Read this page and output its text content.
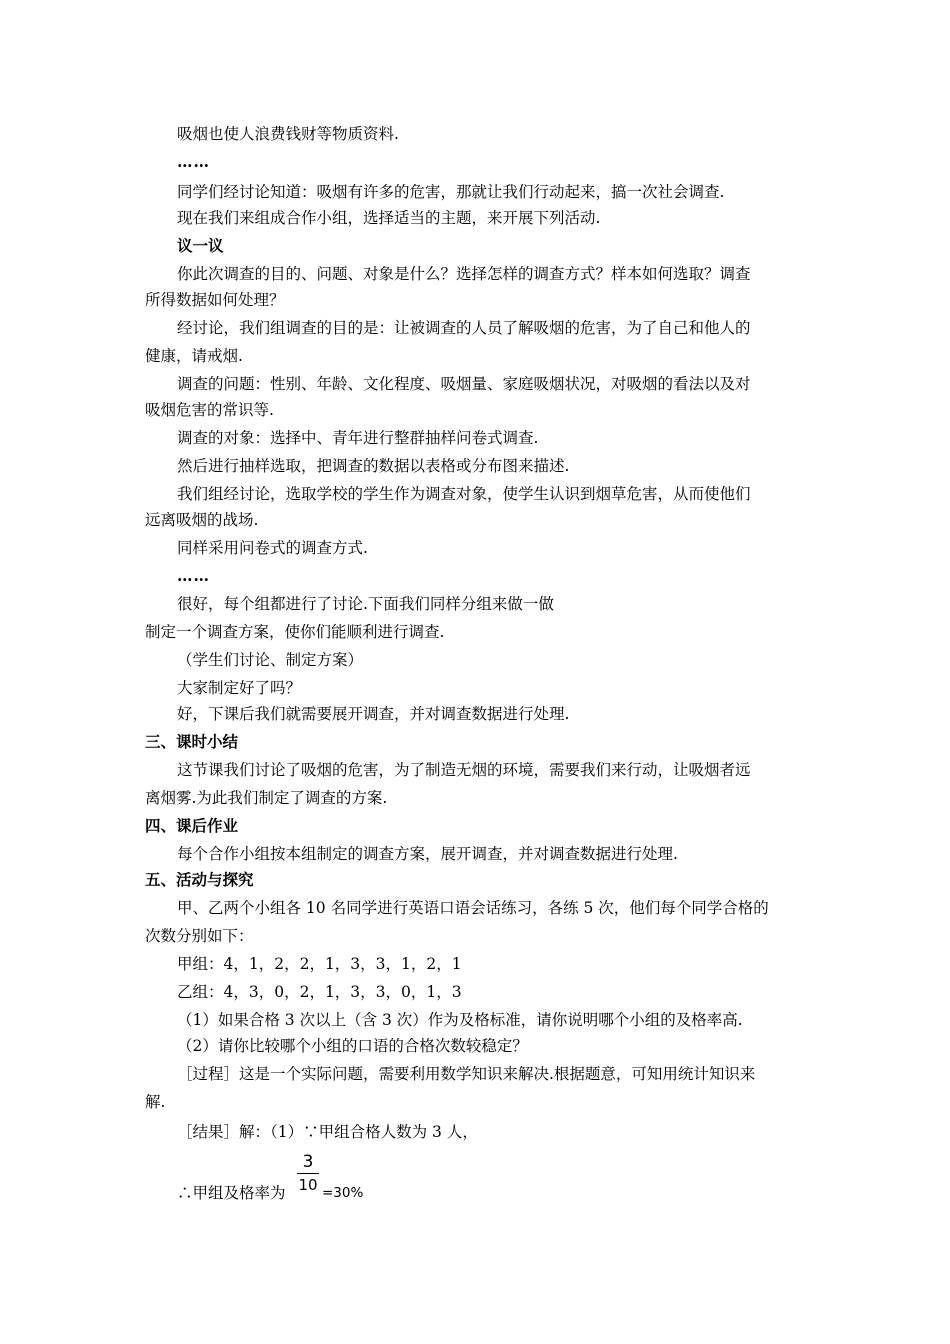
吸烟也使人浪费钱财等物质资料.
……
同学们经讨论知道：吸烟有许多的危害，那就让我们行动起来，搞一次社会调查.
现在我们来组成合作小组，选择适当的主题，来开展下列活动.
议一议
你此次调查的目的、问题、对象是什么？选择怎样的调查方式？样本如何选取？调查
所得数据如何处理？
经讨论，我们组调查的目的是：让被调查的人员了解吸烟的危害，为了自己和他人的
健康，请戒烟.
调查的问题：性别、年龄、文化程度、吸烟量、家庭吸烟状况，对吸烟的看法以及对
吸烟危害的常识等.
调查的对象：选择中、青年进行整群抽样问卷式调查.
然后进行抽样选取，把调查的数据以表格或分布图来描述.
我们组经讨论，选取学校的学生作为调查对象，使学生认识到烟草危害，从而使他们
远离吸烟的战场.
同样采用问卷式的调查方式.
……
很好，每个组都进行了讨论.下面我们同样分组来做一做
制定一个调查方案，使你们能顺利进行调查.
（学生们讨论、制定方案）
大家制定好了吗？
好，下课后我们就需要展开调查，并对调查数据进行处理.
三、课时小结
这节课我们讨论了吸烟的危害，为了制造无烟的环境，需要我们来行动，让吸烟者远
离烟雾.为此我们制定了调查的方案.
四、课后作业
每个合作小组按本组制定的调查方案，展开调查，并对调查数据进行处理.
五、活动与探究
甲、乙两个小组各 10 名同学进行英语口语会话练习，各练 5 次，他们每个同学合格的
次数分别如下：
甲组：4，1，2，2，1，3，3，1，2，1
乙组：4，3，0，2，1，3，3，0，1，3
（1）如果合格 3 次以上（含 3 次）作为及格标准，请你说明哪个小组的及格率高.
（2）请你比较哪个小组的口语的合格次数较稳定？
［过程］这是一个实际问题，需要利用数学知识来解决.根据题意，可知用统计知识来
解.
［结果］解：（1）∵甲组合格人数为 3 人，
∴甲组及格率为
3
10 =30%
